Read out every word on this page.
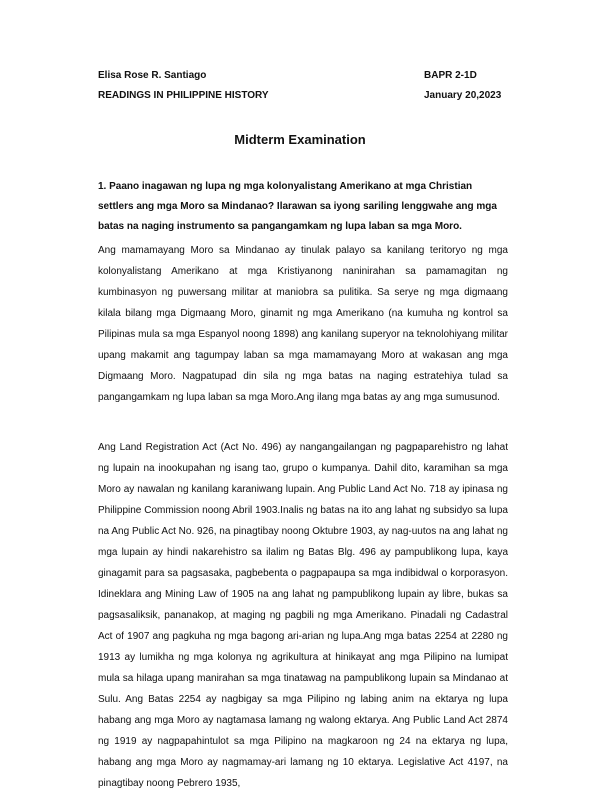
Elisa Rose R. Santiago	BAPR 2-1D
READINGS IN PHILIPPINE HISTORY	January 20,2023
Midterm Examination

1. Paano inagawan ng lupa ng mga kolonyalistang Amerikano at mga Christian settlers ang mga Moro sa Mindanao? Ilarawan sa iyong sariling lenggwahe ang mga batas na naging instrumento sa pangangamkam ng lupa laban sa mga Moro.

Ang mamamayang Moro sa Mindanao ay tinulak palayo sa kanilang teritoryo ng mga kolonyalistang Amerikano at mga Kristiyanong naninirahan sa pamamagitan ng kumbinasyon ng puwersang militar at maniobra sa pulitika. Sa serye ng mga digmaang kilala bilang mga Digmaang Moro, ginamit ng mga Amerikano (na kumuha ng kontrol sa Pilipinas mula sa mga Espanyol noong 1898) ang kanilang superyor na teknolohiyang militar upang makamit ang tagumpay laban sa mga mamamayang Moro at wakasan ang mga Digmaang Moro. Nagpatupad din sila ng mga batas na naging estratehiya tulad sa pangangamkam ng lupa laban sa mga Moro.Ang ilang mga batas ay ang mga sumusunod.

Ang Land Registration Act (Act No. 496) ay nangangailangan ng pagpaparehistro ng lahat ng lupain na inookupahan ng isang tao, grupo o kumpanya. Dahil dito, karamihan sa mga Moro ay nawalan ng kanilang karaniwang lupain. Ang Public Land Act No. 718 ay ipinasa ng Philippine Commission noong Abril 1903.Inalis ng batas na ito ang lahat ng subsidyo sa lupa na Ang Public Act No. 926, na pinagtibay noong Oktubre 1903, ay nag-uutos na ang lahat ng mga lupain ay hindi nakarehistro sa ilalim ng Batas Blg. 496 ay pampublikong lupa, kaya ginagamit para sa pagsasaka, pagbebenta o pagpapaupa sa mga indibidwal o korporasyon. Idineklara ang Mining Law of 1905 na ang lahat ng pampublikong lupain ay libre, bukas sa pagsasaliksik, pananakop, at maging ng pagbili ng mga Amerikano. Pinadali ng Cadastral Act of 1907 ang pagkuha ng mga bagong ari-arian ng lupa.Ang mga batas 2254 at 2280 ng 1913 ay lumikha ng mga kolonya ng agrikultura at hinikayat ang mga Pilipino na lumipat mula sa hilaga upang manirahan sa mga tinatawag na pampublikong lupain sa Mindanao at Sulu. Ang Batas 2254 ay nagbigay sa mga Pilipino ng labing anim na ektarya ng lupa habang ang mga Moro ay nagtamasa lamang ng walong ektarya. Ang Public Land Act 2874 ng 1919 ay nagpapahintulot sa mga Pilipino na magkaroon ng 24 na ektarya ng lupa, habang ang mga Moro ay nagmamay-ari lamang ng 10 ektarya. Legislative Act 4197, na pinagtibay noong Pebrero 1935,
